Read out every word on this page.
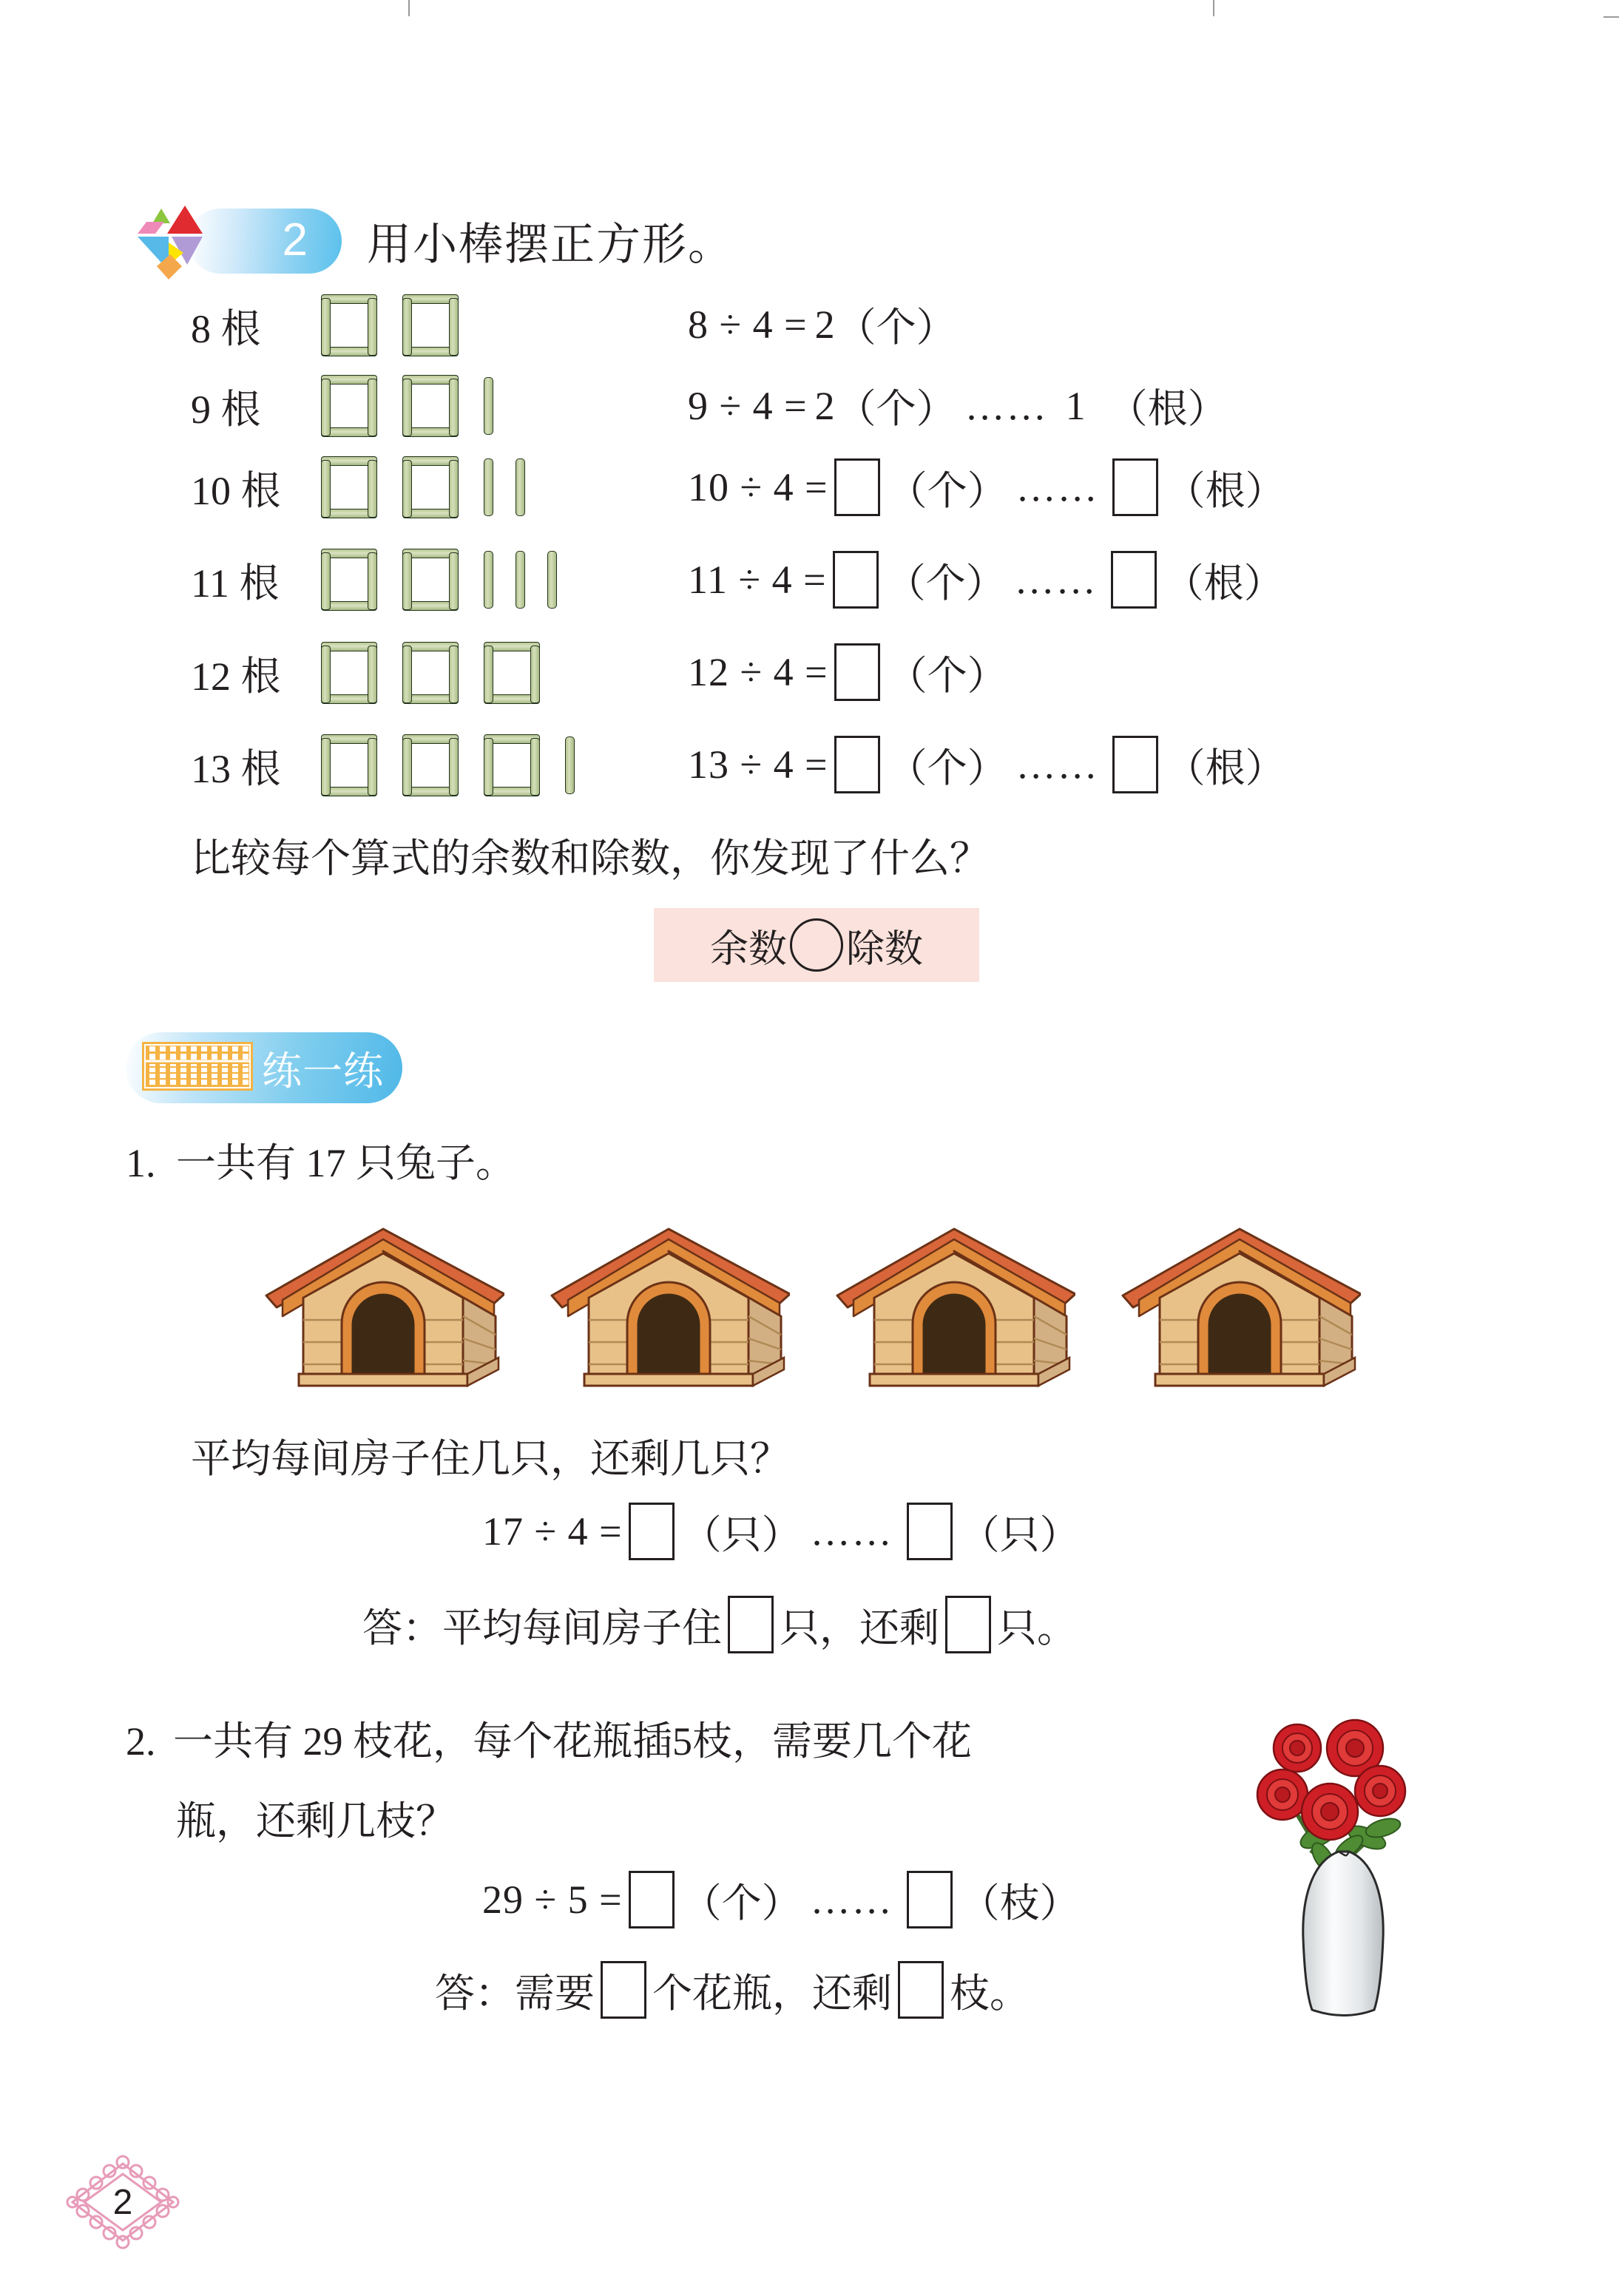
2 用小棒摆正方形。
8 根
9 根
10 根
11 根
12 根
13 根
8 ÷ 4 = 2 （个）
9 ÷ 4 = 2 （个） …… 1 （根）
10 ÷ 4 = （个） …… （根）
11 ÷ 4 = （个） …… （根）
12 ÷ 4 = （个）
13 ÷ 4 = （个） …… （根）
比较每个算式的余数和除数，你发现了什么？
余数 除数
练一练
1. 一共有 17 只兔子。
平均每间房子住几只，还剩几只？
17 ÷ 4 = （只） …… （只）
答：平均每间房子住 只，还剩 只。
2. 一共有 29 枝花，每个花瓶插5枝，需要几个花
瓶，还剩几枝？
29 ÷ 5 = （个） …… （枝）
答：需要 个花瓶，还剩 枝。
2
